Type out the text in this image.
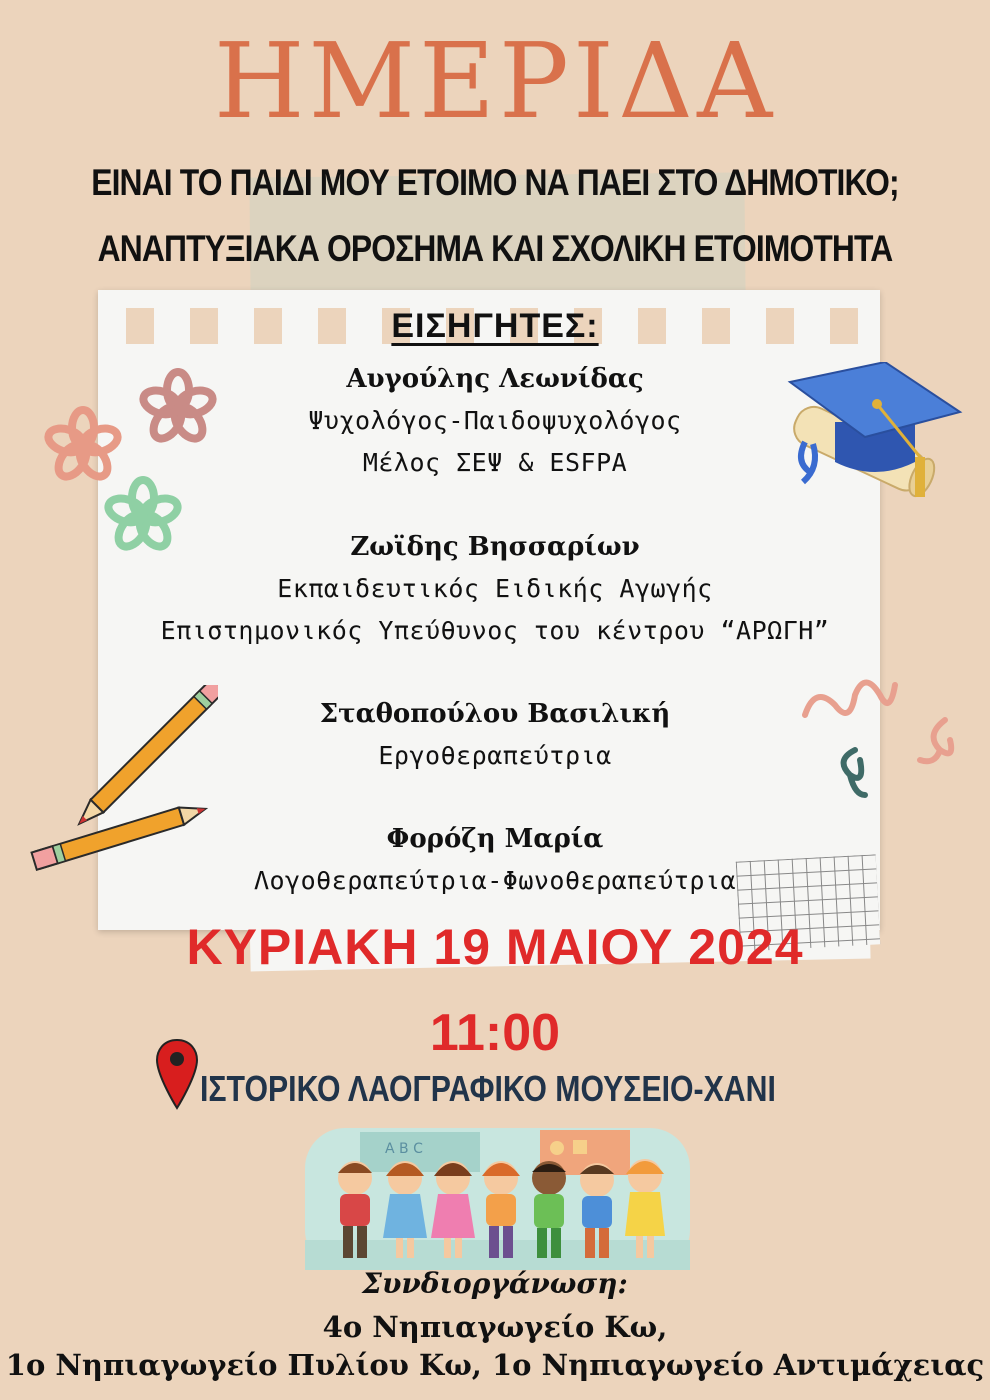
ΗΜΕΡΙΔΑ
ΕΙΝΑΙ ΤΟ ΠΑΙΔΙ ΜΟΥ ΕΤΟΙΜΟ ΝΑ ΠΑΕΙ ΣΤΟ ΔΗΜΟΤΙΚΟ;
ΑΝΑΠΤΥΞΙΑΚΑ ΟΡΟΣΗΜΑ ΚΑΙ ΣΧΟΛΙΚΗ ΕΤΟΙΜΟΤΗΤΑ
ΕΙΣΗΓΗΤΕΣ:
Αυγούλης Λεωνίδας
Ψυχολόγος-Παιδοψυχολόγος
Μέλος ΣΕΨ & ESFPA
Ζωϊδης Βησσαρίων
Εκπαιδευτικός Ειδικής Αγωγής
Επιστημονικός Υπεύθυνος του κέντρου “ΑΡΩΓΗ”
Σταθοπούλου Βασιλική
Εργοθεραπεύτρια
Φορόζη Μαρία
Λογοθεραπεύτρια-Φωνοθεραπεύτρια
ΚΥΡΙΑΚΗ 19 ΜΑΙΟΥ 2024
11:00
ΙΣΤΟΡΙΚΟ ΛΑΟΓΡΑΦΙΚΟ ΜΟΥΣΕΙΟ-ΧΑΝΙ
A B C
Συνδιοργάνωση:
4ο Νηπιαγωγείο Κω,
1ο Νηπιαγωγείο Πυλίου Κω, 1ο Νηπιαγωγείο Αντιμάχειας
